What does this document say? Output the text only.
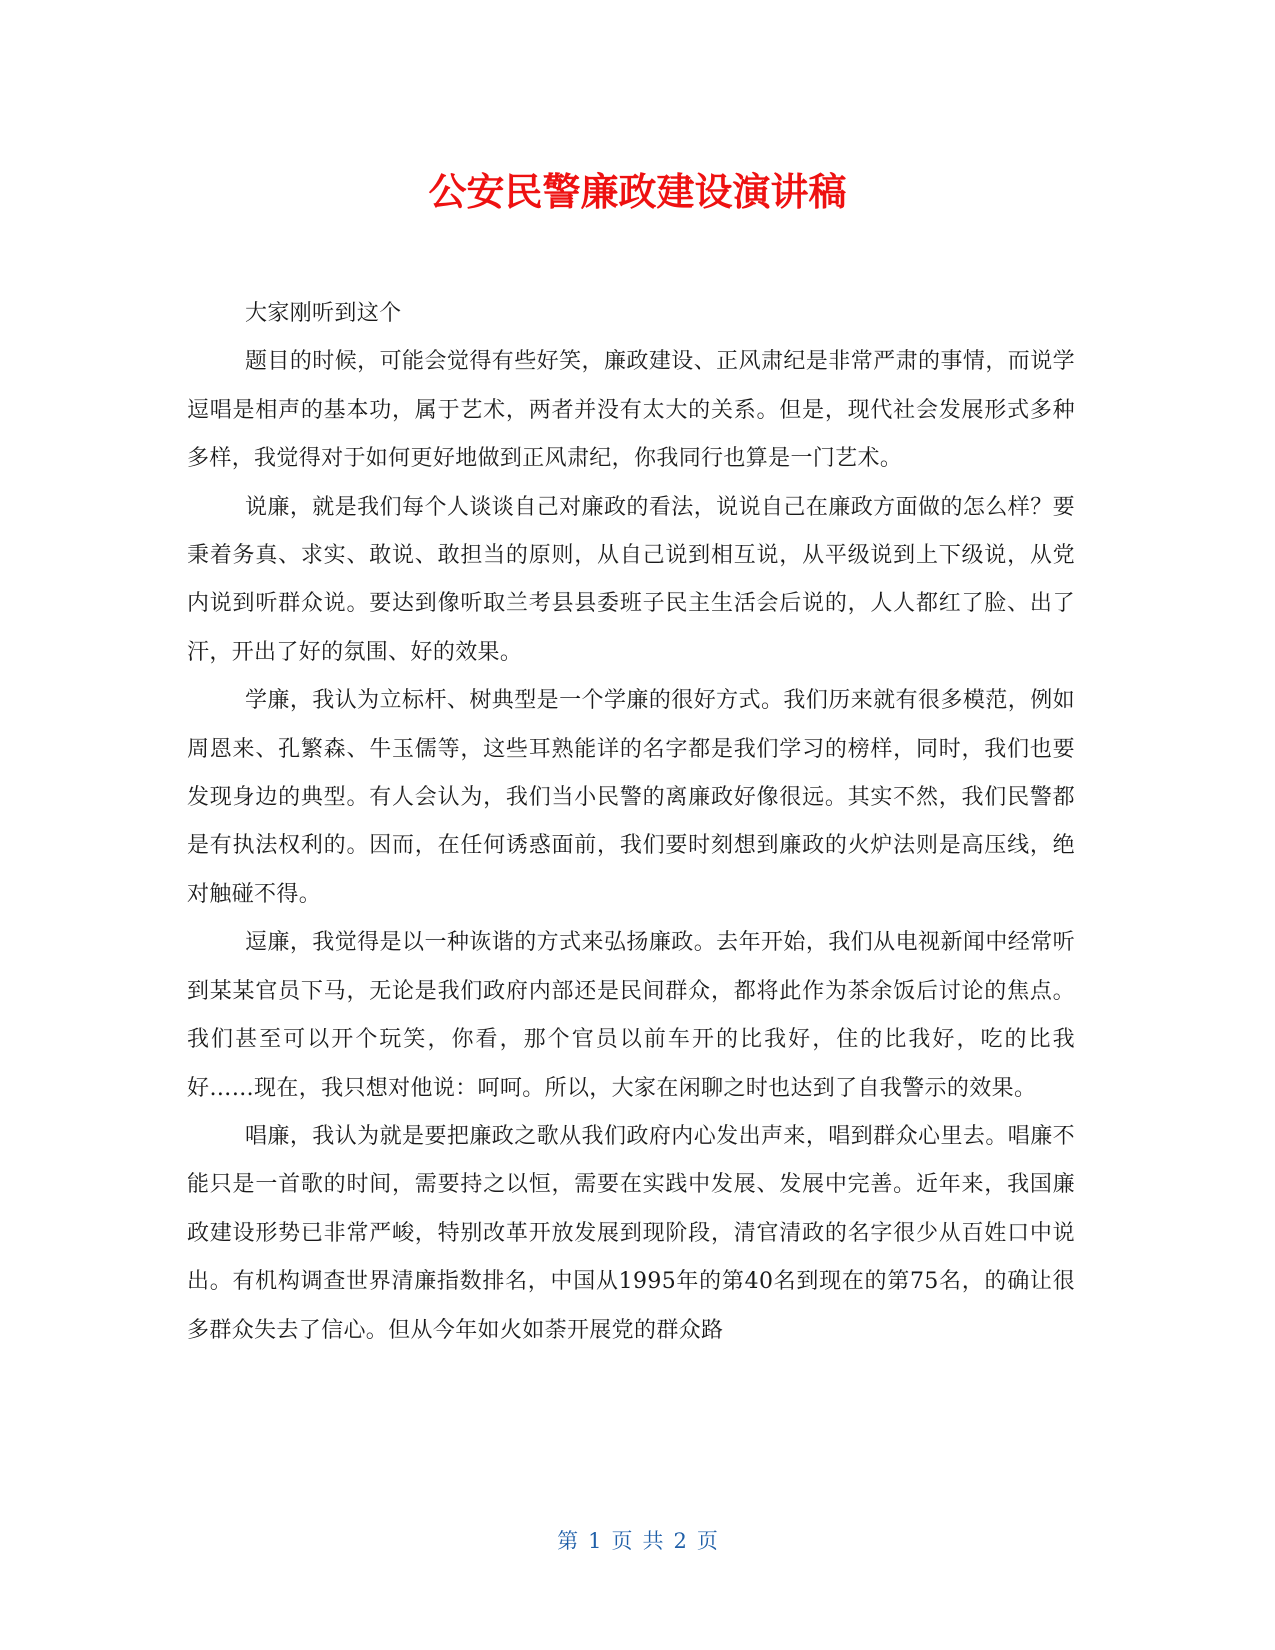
公安民警廉政建设演讲稿

大家刚听到这个

题目的时候，可能会觉得有些好笑，廉政建设、正风肃纪是非常严肃的事情，而说学逗唱是相声的基本功，属于艺术，两者并没有太大的关系。但是，现代社会发展形式多种多样，我觉得对于如何更好地做到正风肃纪，你我同行也算是一门艺术。

说廉，就是我们每个人谈谈自己对廉政的看法，说说自己在廉政方面做的怎么样？要秉着务真、求实、敢说、敢担当的原则，从自己说到相互说，从平级说到上下级说，从党内说到听群众说。要达到像听取兰考县县委班子民主生活会后说的，人人都红了脸、出了汗，开出了好的氛围、好的效果。

学廉，我认为立标杆、树典型是一个学廉的很好方式。我们历来就有很多模范，例如周恩来、孔繁森、牛玉儒等，这些耳熟能详的名字都是我们学习的榜样，同时，我们也要发现身边的典型。有人会认为，我们当小民警的离廉政好像很远。其实不然，我们民警都是有执法权利的。因而，在任何诱惑面前，我们要时刻想到廉政的火炉法则是高压线，绝对触碰不得。

逗廉，我觉得是以一种诙谐的方式来弘扬廉政。去年开始，我们从电视新闻中经常听到某某官员下马，无论是我们政府内部还是民间群众，都将此作为茶余饭后讨论的焦点。我们甚至可以开个玩笑，你看，那个官员以前车开的比我好，住的比我好，吃的比我好……现在，我只想对他说：呵呵。所以，大家在闲聊之时也达到了自我警示的效果。

唱廉，我认为就是要把廉政之歌从我们政府内心发出声来，唱到群众心里去。唱廉不能只是一首歌的时间，需要持之以恒，需要在实践中发展、发展中完善。近年来，我国廉政建设形势已非常严峻，特别改革开放发展到现阶段，清官清政的名字很少从百姓口中说出。有机构调查世界清廉指数排名，中国从1995年的第40名到现在的第75名，的确让很多群众失去了信心。但从今年如火如荼开展党的群众路

第 1 页 共 2 页
